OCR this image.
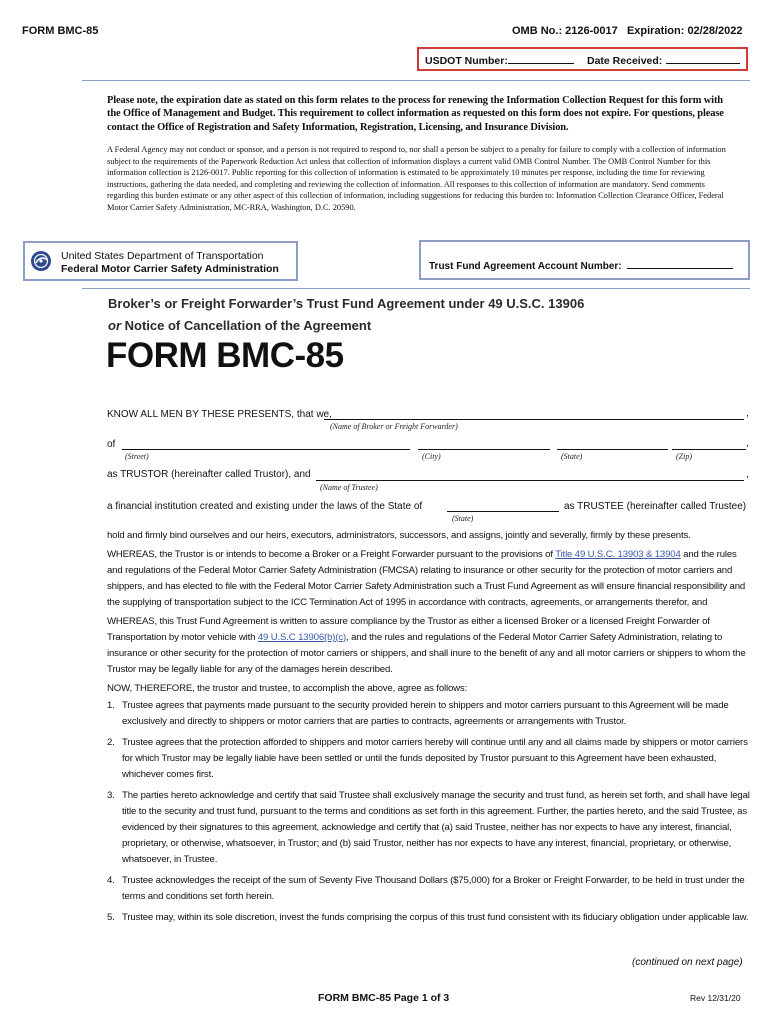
FORM BMC-85	OMB No.: 2126-0017 Expiration: 02/28/2022
USDOT Number:	Date Received:
Please note, the expiration date as stated on this form relates to the process for renewing the Information Collection Request for this form with the Office of Management and Budget. This requirement to collect information as requested on this form does not expire. For questions, please contact the Office of Registration and Safety Information, Registration, Licensing, and Insurance Division.
A Federal Agency may not conduct or sponsor, and a person is not required to respond to, nor shall a person be subject to a penalty for failure to comply with a collection of information subject to the requirements of the Paperwork Reduction Act unless that collection of information displays a current valid OMB Control Number. The OMB Control Number for this information collection is 2126-0017. Public reporting for this collection of information is estimated to be approximately 10 minutes per response, including the time for reviewing instructions, gathering the data needed, and completing and reviewing the collection of information. All responses to this collection of information are mandatory. Send comments regarding this burden estimate or any other aspect of this collection of information, including suggestions for reducing this burden to: Information Collection Clearance Officer, Federal Motor Carrier Safety Administration, MC-RRA, Washington, D.C. 20590.
United States Department of Transportation
Federal Motor Carrier Safety Administration	Trust Fund Agreement Account Number:
Broker’s or Freight Forwarder’s Trust Fund Agreement under 49 U.S.C. 13906
or Notice of Cancellation of the Agreement
FORM BMC-85
KNOW ALL MEN BY THESE PRESENTS, that we,	,
(Name of Broker or Freight Forwarder)
of	,
(Street)	(City)	(State)	(Zip)
as TRUSTOR (hereinafter called Trustor), and	,
(Name of Trustee)
a financial institution created and existing under the laws of the State of	as TRUSTEE (hereinafter called Trustee)
(State)
hold and firmly bind ourselves and our heirs, executors, administrators, successors, and assigns, jointly and severally, firmly by these presents.
WHEREAS, the Trustor is or intends to become a Broker or a Freight Forwarder pursuant to the provisions of Title 49 U.S.C. 13903 & 13904 and the rules and regulations of the Federal Motor Carrier Safety Administration (FMCSA) relating to insurance or other security for the protection of motor carriers and shippers, and has elected to file with the Federal Motor Carrier Safety Administration such a Trust Fund Agreement as will ensure financial responsibility and the supplying of transportation subject to the ICC Termination Act of 1995 in accordance with contracts, agreements, or arrangements therefor, and
WHEREAS, this Trust Fund Agreement is written to assure compliance by the Trustor as either a licensed Broker or a licensed Freight Forwarder of Transportation by motor vehicle with 49 U.S.C 13906(b)(c), and the rules and regulations of the Federal Motor Carrier Safety Administration, relating to insurance or other security for the protection of motor carriers or shippers, and shall inure to the benefit of any and all motor carriers or shippers to whom the Trustor may be legally liable for any of the damages herein described.
NOW, THEREFORE, the trustor and trustee, to accomplish the above, agree as follows:
1. Trustee agrees that payments made pursuant to the security provided herein to shippers and motor carriers pursuant to this Agreement will be made exclusively and directly to shippers or motor carriers that are parties to contracts, agreements or arrangements with Trustor.
2. Trustee agrees that the protection afforded to shippers and motor carriers hereby will continue until any and all claims made by shippers or motor carriers for which Trustor may be legally liable have been settled or until the funds deposited by Trustor pursuant to this Agreement have been exhausted, whichever comes first.
3. The parties hereto acknowledge and certify that said Trustee shall exclusively manage the security and trust fund, as herein set forth, and shall have legal title to the security and trust fund, pursuant to the terms and conditions as set forth in this agreement. Further, the parties hereto, and the said Trustee, as evidenced by their signatures to this agreement, acknowledge and certify that (a) said Trustee, neither has nor expects to have any interest, financial, proprietary, or otherwise, whatsoever, in Trustor; and (b) said Trustor, neither has nor expects to have any interest, financial, proprietary, or otherwise, whatsoever, in Trustee.
4. Trustee acknowledges the receipt of the sum of Seventy Five Thousand Dollars ($75,000) for a Broker or Freight Forwarder, to be held in trust under the terms and conditions set forth herein.
5. Trustee may, within its sole discretion, invest the funds comprising the corpus of this trust fund consistent with its fiduciary obligation under applicable law.
(continued on next page)
FORM BMC-85 Page 1 of 3	Rev 12/31/20
